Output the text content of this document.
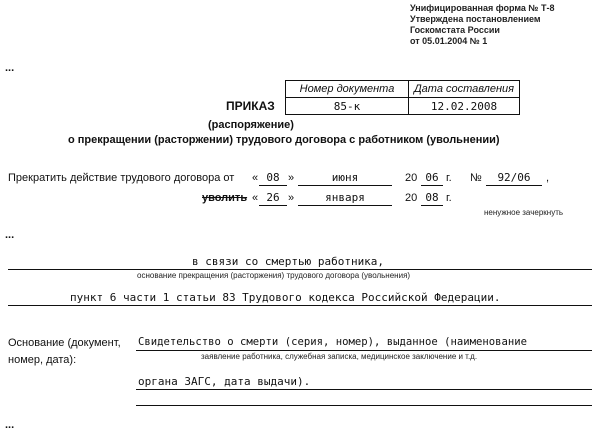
Унифицированная форма № Т-8
Утверждена постановлением
Госкомстата России
от 05.01.2004 № 1
...
...
...
Номер документа	Дата составления
85-к	12.02.2008
ПРИКАЗ
(распоряжение)
о прекращении (расторжении) трудового договора с работником (увольнении)
Прекратить действие трудового договора от « 08 »	июня	20 06 г. №	92/06	,
уволить « 26 »	января	20 08 г.
ненужное зачеркнуть
в связи со смертью работника,
основание прекращения (расторжения) трудового договора (увольнения)
пункт 6 части 1 статьи 83 Трудового кодекса Российской Федерации.
Основание (документ,
номер, дата):
Свидетельство о смерти (серия, номер), выданное (наименование
заявление работника, служебная записка, медицинское заключение и т.д.
органа ЗАГС, дата выдачи).
